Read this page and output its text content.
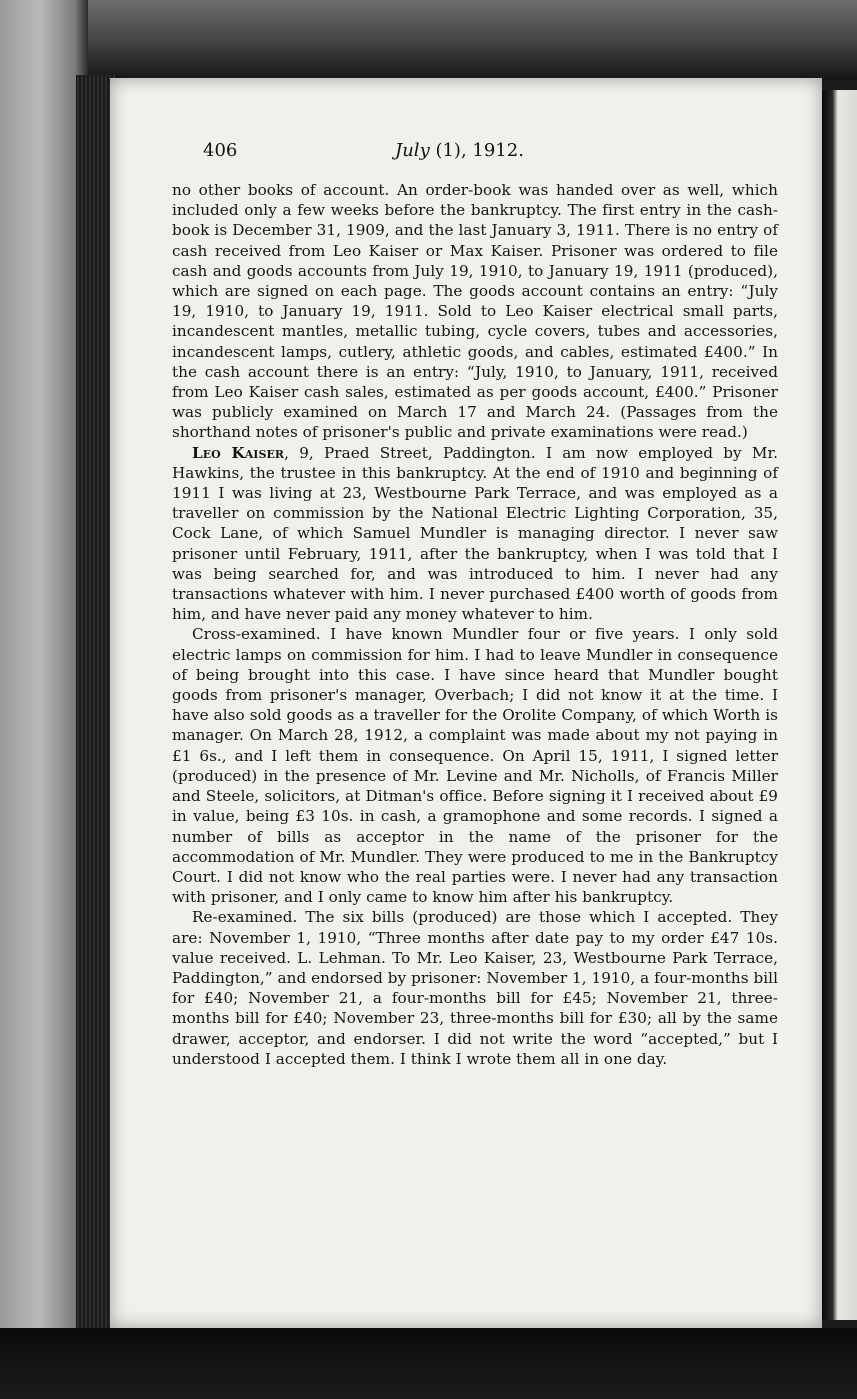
406	July (1), 1912.

no other books of account. An order-book was handed over as well, which included only a few weeks before the bankruptcy. The first entry in the cash-book is December 31, 1909, and the last January 3, 1911. There is no entry of cash received from Leo Kaiser or Max Kaiser. Prisoner was ordered to file cash and goods accounts from July 19, 1910, to January 19, 1911 (produced), which are signed on each page. The goods account contains an entry: “July 19, 1910, to January 19, 1911. Sold to Leo Kaiser electrical small parts, incandescent mantles, metallic tubing, cycle covers, tubes and accessories, incandescent lamps, cutlery, athletic goods, and cables, estimated £400.” In the cash account there is an entry: “July, 1910, to January, 1911, received from Leo Kaiser cash sales, estimated as per goods account, £400.” Prisoner was publicly examined on March 17 and March 24. (Passages from the shorthand notes of prisoner's public and private examinations were read.)

Leo Kaiser, 9, Praed Street, Paddington. I am now employed by Mr. Hawkins, the trustee in this bankruptcy. At the end of 1910 and beginning of 1911 I was living at 23, Westbourne Park Terrace, and was employed as a traveller on commission by the National Electric Lighting Corporation, 35, Cock Lane, of which Samuel Mundler is managing director. I never saw prisoner until February, 1911, after the bankruptcy, when I was told that I was being searched for, and was introduced to him. I never had any transactions whatever with him. I never purchased £400 worth of goods from him, and have never paid any money whatever to him.

Cross-examined. I have known Mundler four or five years. I only sold electric lamps on commission for him. I had to leave Mundler in consequence of being brought into this case. I have since heard that Mundler bought goods from prisoner's manager, Overbach; I did not know it at the time. I have also sold goods as a traveller for the Orolite Company, of which Worth is manager. On March 28, 1912, a complaint was made about my not paying in £1 6s., and I left them in consequence. On April 15, 1911, I signed letter (produced) in the presence of Mr. Levine and Mr. Nicholls, of Francis Miller and Steele, solicitors, at Ditman's office. Before signing it I received about £9 in value, being £3 10s. in cash, a gramophone and some records. I signed a number of bills as acceptor in the name of the prisoner for the accommodation of Mr. Mundler. They were produced to me in the Bankruptcy Court. I did not know who the real parties were. I never had any transaction with prisoner, and I only came to know him after his bankruptcy.

Re-examined. The six bills (produced) are those which I accepted. They are: November 1, 1910, “Three months after date pay to my order £47 10s. value received. L. Lehman. To Mr. Leo Kaiser, 23, Westbourne Park Terrace, Paddington,” and endorsed by prisoner: November 1, 1910, a four-months bill for £40; November 21, a four-months bill for £45; November 21, three-months bill for £40; November 23, three-months bill for £30; all by the same drawer, acceptor, and endorser. I did not write the word “accepted,” but I understood I accepted them. I think I wrote them all in one day.
